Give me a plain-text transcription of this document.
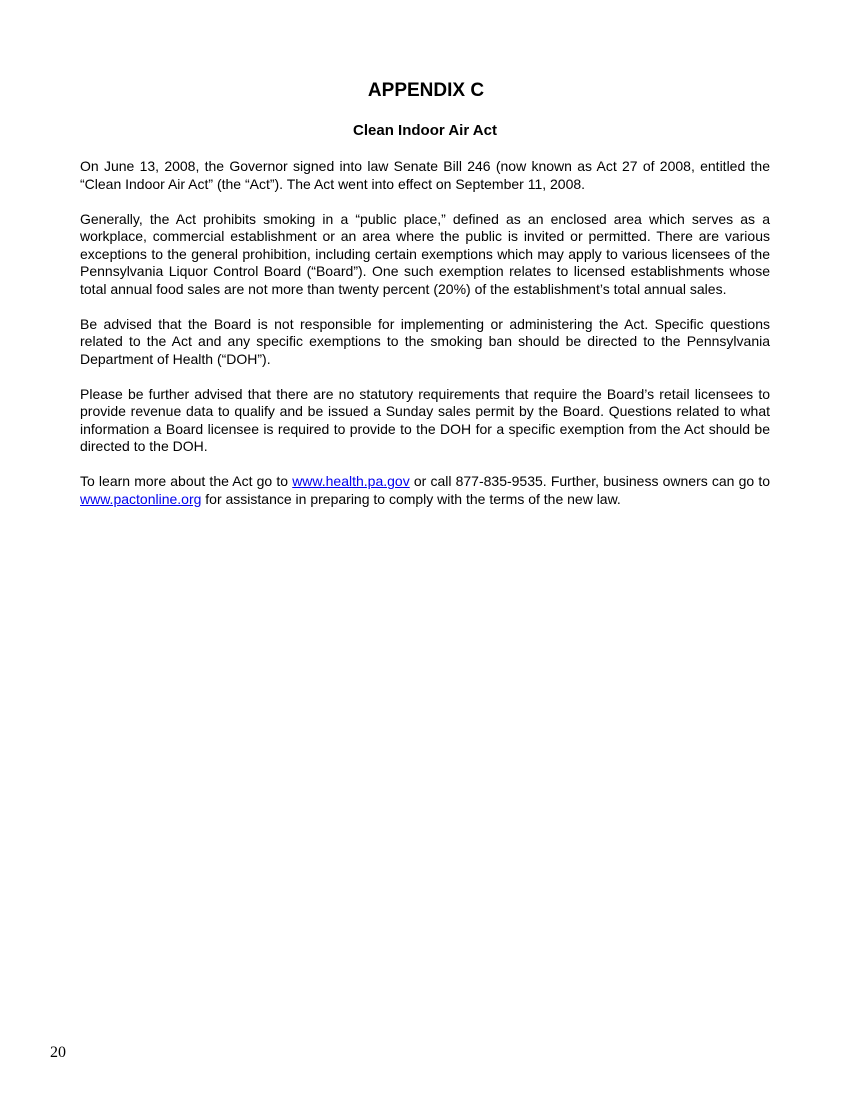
APPENDIX C
Clean Indoor Air Act

On June 13, 2008, the Governor signed into law Senate Bill 246 (now known as Act 27 of 2008, entitled the “Clean Indoor Air Act” (the “Act”). The Act went into effect on September 11, 2008.

Generally, the Act prohibits smoking in a “public place,” defined as an enclosed area which serves as a workplace, commercial establishment or an area where the public is invited or permitted. There are various exceptions to the general prohibition, including certain exemptions which may apply to various licensees of the Pennsylvania Liquor Control Board (“Board”). One such exemption relates to licensed establishments whose total annual food sales are not more than twenty percent (20%) of the establishment’s total annual sales.

Be advised that the Board is not responsible for implementing or administering the Act. Specific questions related to the Act and any specific exemptions to the smoking ban should be directed to the Pennsylvania Department of Health (“DOH”).

Please be further advised that there are no statutory requirements that require the Board’s retail licensees to provide revenue data to qualify and be issued a Sunday sales permit by the Board. Questions related to what information a Board licensee is required to provide to the DOH for a specific exemption from the Act should be directed to the DOH.

To learn more about the Act go to www.health.pa.gov or call 877-835-9535. Further, business owners can go to www.pactonline.org for assistance in preparing to comply with the terms of the new law.

20
